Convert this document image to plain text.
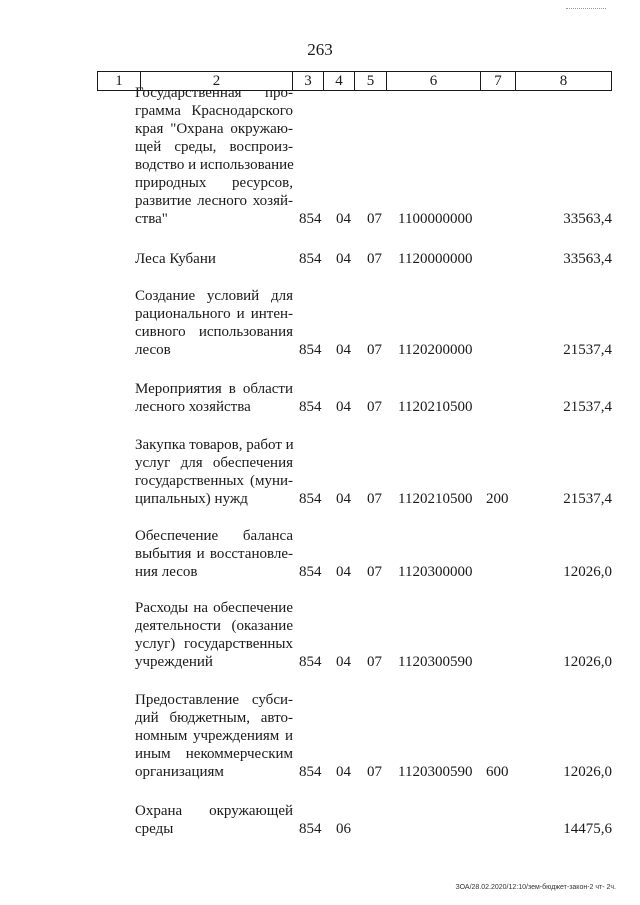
263
1	2	3	4	5	6	7	8
Государственная про-
грамма Краснодарского
края "Охрана окружаю-
щей среды, воспроиз-
водство и использование
природных ресурсов,
развитие лесного хозяй-
ства"	854 04 07 1100000000	33563,4
Леса Кубани	854 04 07 1120000000	33563,4
Создание условий для
рационального и интен-
сивного использования
лесов	854 04 07 1120200000	21537,4
Мероприятия в области
лесного хозяйства	854 04 07 1120210500	21537,4
Закупка товаров, работ и
услуг для обеспечения
государственных (муни-
ципальных) нужд	854 04 07 1120210500 200	21537,4
Обеспечение баланса
выбытия и восстановле-
ния лесов	854 04 07 1120300000	12026,0
Расходы на обеспечение
деятельности (оказание
услуг) государственных
учреждений	854 04 07 1120300590	12026,0
Предоставление субси-
дий бюджетным, авто-
номным учреждениям и
иным некоммерческим
организациям	854 04 07 1120300590 600	12026,0
Охрана окружающей
среды	854 06	14475,6
ЗОА/28.02.2020/12:10/зем-бюджет-закон-2 чт- 2ч.
